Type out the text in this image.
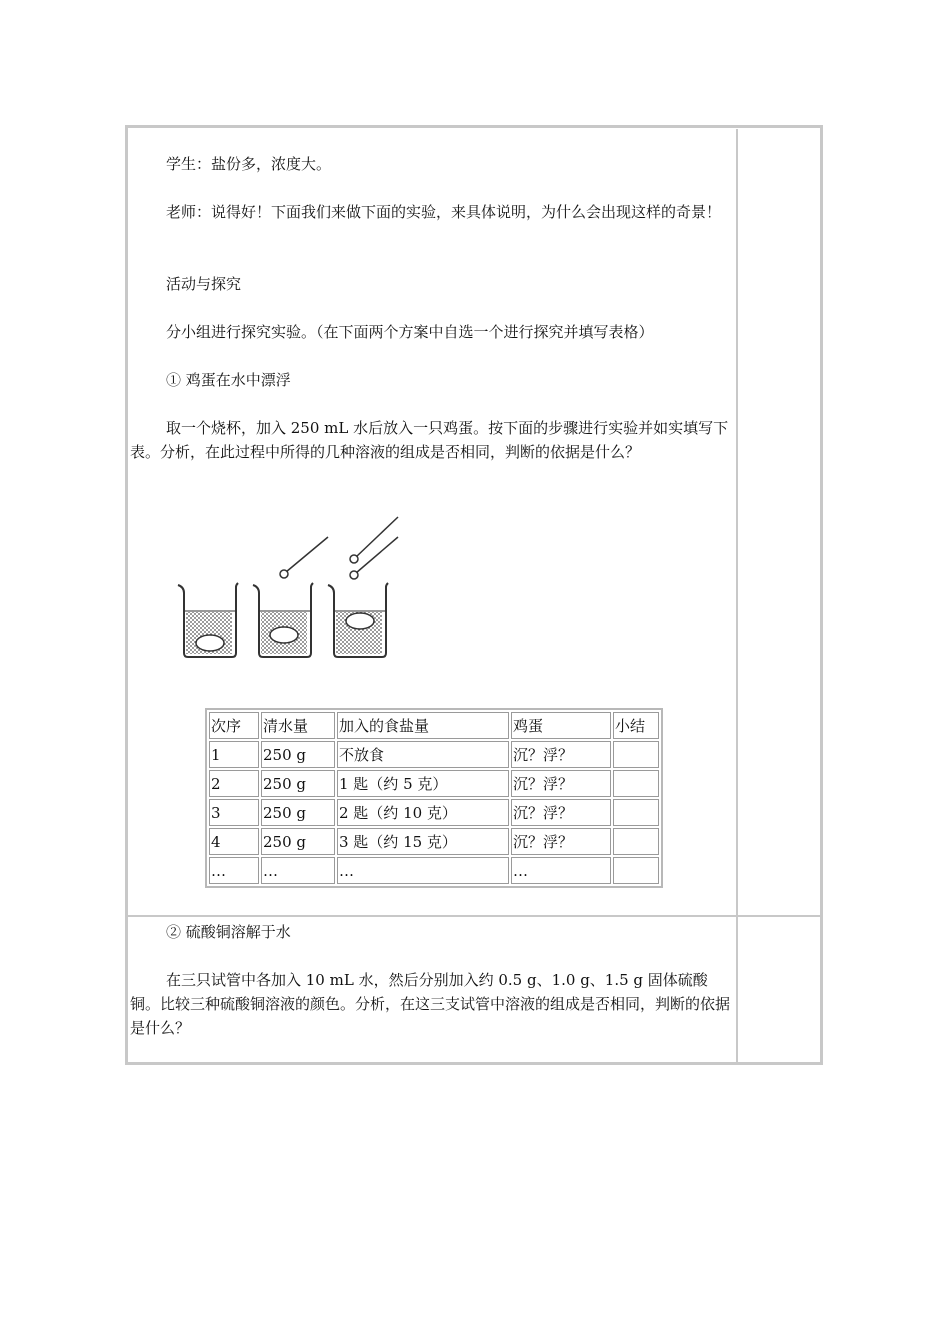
学生：盐份多，浓度大。

老师：说得好！下面我们来做下面的实验，来具体说明，为什么会出现这样的奇景！

活动与探究

分小组进行探究实验。（在下面两个方案中自选一个进行探究并填写表格）

① 鸡蛋在水中漂浮

取一个烧杯，加入 250 mL 水后放入一只鸡蛋。按下面的步骤进行实验并如实填写下表。分析，在此过程中所得的几种溶液的组成是否相同，判断的依据是什么？

次序	清水量	加入的食盐量	鸡蛋	小结
1	250 g	不放食	沉？浮？	
2	250 g	1 匙（约 5 克）	沉？浮？	
3	250 g	2 匙（约 10 克）	沉？浮？	
4	250 g	3 匙（约 15 克）	沉？浮？	
…	…	…	…	

② 硫酸铜溶解于水

在三只试管中各加入 10 mL 水，然后分别加入约 0.5 g、1.0 g、1.5 g 固体硫酸铜。比较三种硫酸铜溶液的颜色。分析，在这三支试管中溶液的组成是否相同，判断的依据是什么？
